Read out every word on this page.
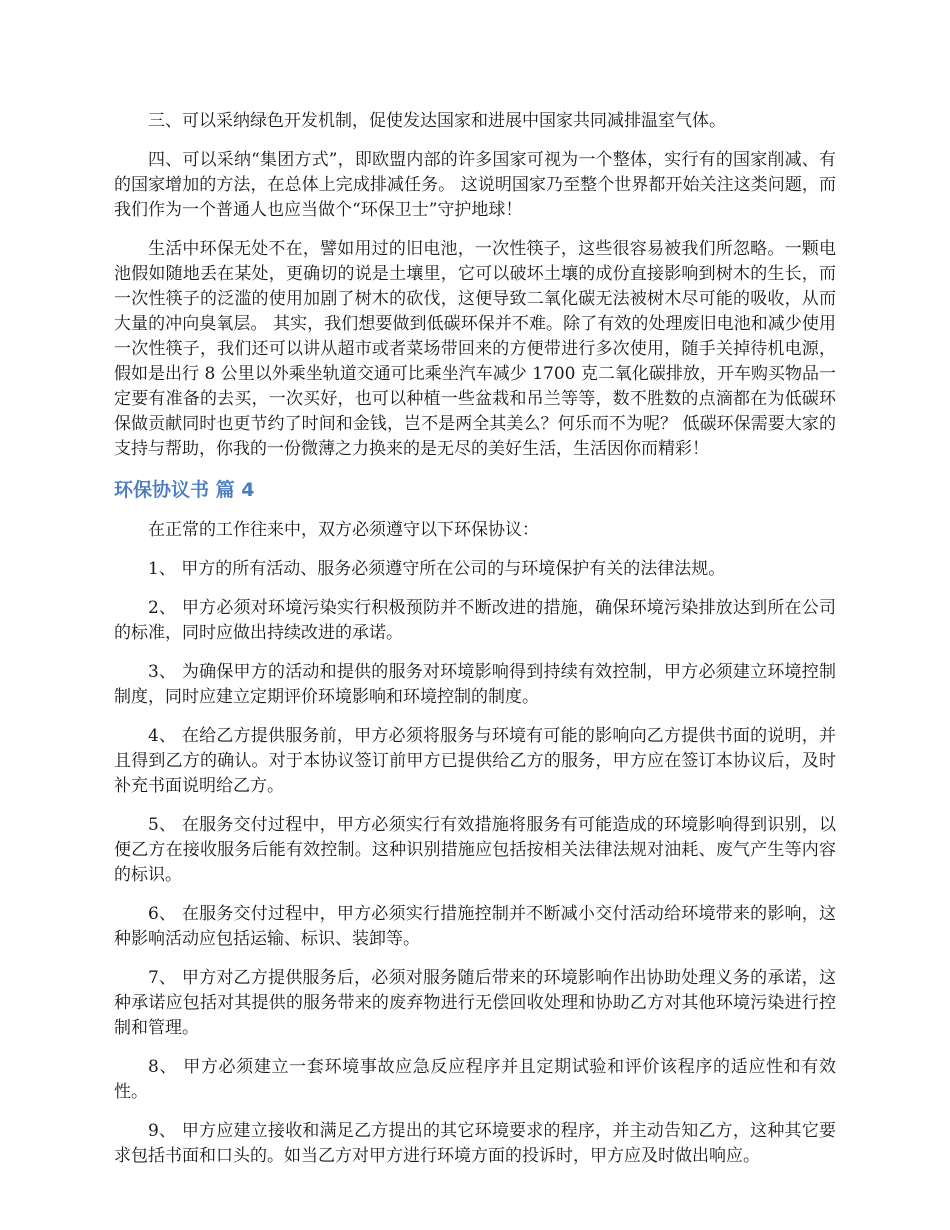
三、可以采纳绿色开发机制，促使发达国家和进展中国家共同减排温室气体。

四、可以采纳“集团方式”，即欧盟内部的许多国家可视为一个整体，实行有的国家削减、有的国家增加的方法，在总体上完成排减任务。 这说明国家乃至整个世界都开始关注这类问题，而我们作为一个普通人也应当做个“环保卫士”守护地球！

生活中环保无处不在，譬如用过的旧电池，一次性筷子，这些很容易被我们所忽略。一颗电池假如随地丢在某处，更确切的说是土壤里，它可以破坏土壤的成份直接影响到树木的生长，而一次性筷子的泛滥的使用加剧了树木的砍伐，这便导致二氧化碳无法被树木尽可能的吸收，从而大量的冲向臭氧层。 其实，我们想要做到低碳环保并不难。除了有效的处理废旧电池和减少使用一次性筷子，我们还可以讲从超市或者菜场带回来的方便带进行多次使用，随手关掉待机电源，假如是出行 8 公里以外乘坐轨道交通可比乘坐汽车减少 1700 克二氧化碳排放，开车购买物品一定要有准备的去买，一次买好，也可以种植一些盆栽和吊兰等等，数不胜数的点滴都在为低碳环保做贡献同时也更节约了时间和金钱，岂不是两全其美么？何乐而不为呢？ 低碳环保需要大家的支持与帮助，你我的一份微薄之力换来的是无尽的美好生活，生活因你而精彩！

环保协议书 篇 4

在正常的工作往来中，双方必须遵守以下环保协议：

1、 甲方的所有活动、服务必须遵守所在公司的与环境保护有关的法律法规。

2、 甲方必须对环境污染实行积极预防并不断改进的措施，确保环境污染排放达到所在公司的标准，同时应做出持续改进的承诺。

3、 为确保甲方的活动和提供的服务对环境影响得到持续有效控制，甲方必须建立环境控制制度，同时应建立定期评价环境影响和环境控制的制度。

4、 在给乙方提供服务前，甲方必须将服务与环境有可能的影响向乙方提供书面的说明，并且得到乙方的确认。对于本协议签订前甲方已提供给乙方的服务，甲方应在签订本协议后，及时补充书面说明给乙方。

5、 在服务交付过程中，甲方必须实行有效措施将服务有可能造成的环境影响得到识别，以便乙方在接收服务后能有效控制。这种识别措施应包括按相关法律法规对油耗、废气产生等内容的标识。

6、 在服务交付过程中，甲方必须实行措施控制并不断减小交付活动给环境带来的影响，这种影响活动应包括运输、标识、装卸等。

7、 甲方对乙方提供服务后，必须对服务随后带来的环境影响作出协助处理义务的承诺，这种承诺应包括对其提供的服务带来的废弃物进行无偿回收处理和协助乙方对其他环境污染进行控制和管理。

8、 甲方必须建立一套环境事故应急反应程序并且定期试验和评价该程序的适应性和有效性。

9、 甲方应建立接收和满足乙方提出的其它环境要求的程序，并主动告知乙方，这种其它要求包括书面和口头的。如当乙方对甲方进行环境方面的投诉时，甲方应及时做出响应。
